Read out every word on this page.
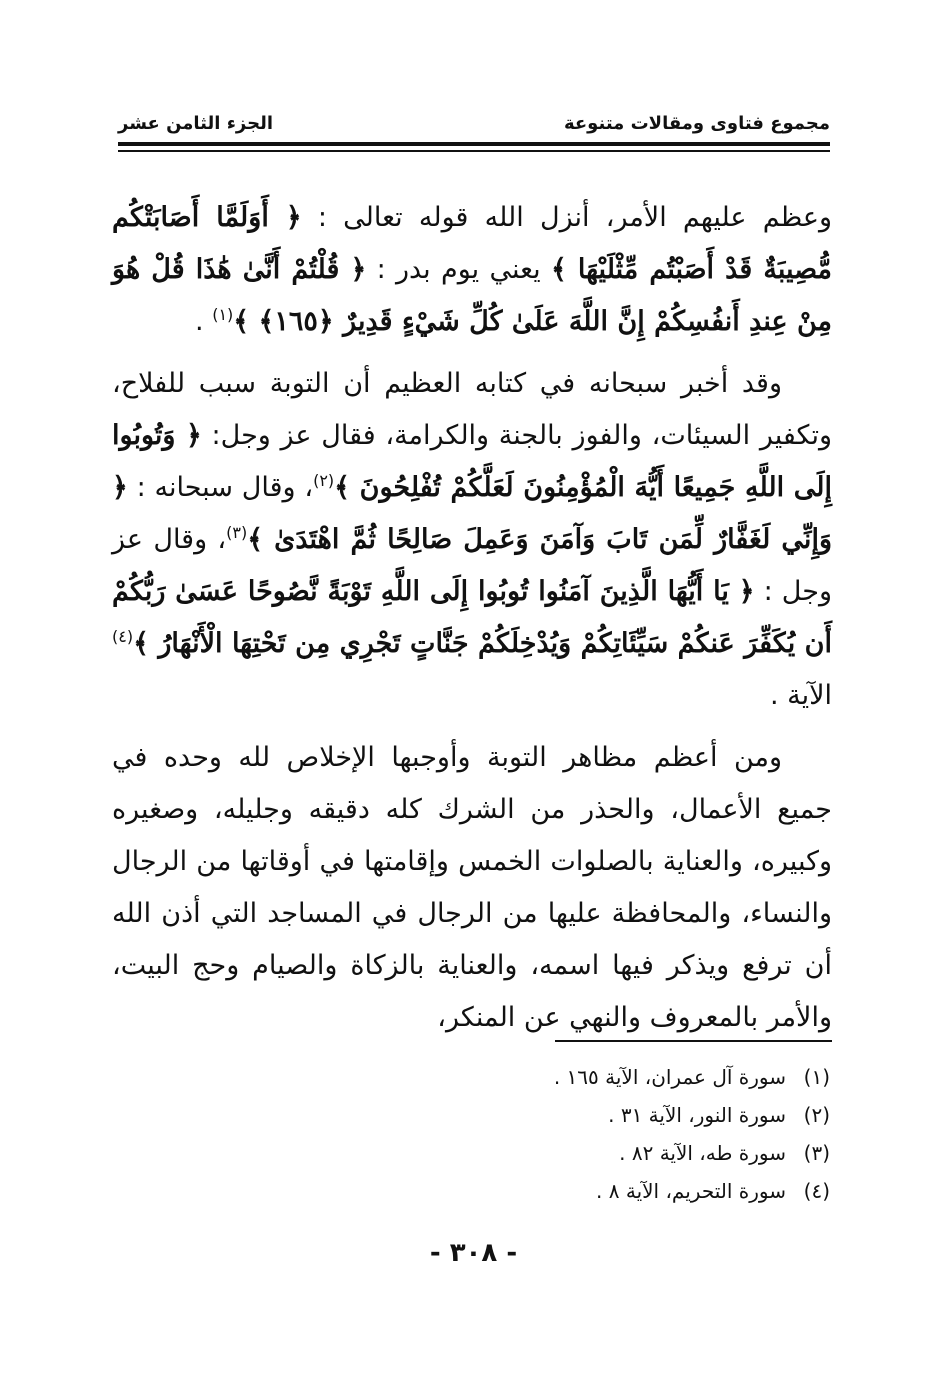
مجموع فتاوى ومقالات متنوعة
الجزء الثامن عشر

وعظم عليهم الأمر، أنزل الله قوله تعالى : ﴿ أَوَلَمَّا أَصَابَتْكُم مُّصِيبَةٌ قَدْ أَصَبْتُم مِّثْلَيْهَا ﴾ يعني يوم بدر : ﴿ قُلْتُمْ أَنَّىٰ هَٰذَا قُلْ هُوَ مِنْ عِندِ أَنفُسِكُمْ إِنَّ اللَّهَ عَلَىٰ كُلِّ شَيْءٍ قَدِيرٌ ﴿١٦٥﴾ ﴾$^{(١)}$ .

وقد أخبر سبحانه في كتابه العظيم أن التوبة سبب للفلاح، وتكفير السيئات، والفوز بالجنة والكرامة، فقال عز وجل: ﴿ وَتُوبُوا إِلَى اللَّهِ جَمِيعًا أَيُّهَ الْمُؤْمِنُونَ لَعَلَّكُمْ تُفْلِحُونَ ﴾$^{(٢)}$، وقال سبحانه : ﴿ وَإِنِّي لَغَفَّارٌ لِّمَن تَابَ وَآمَنَ وَعَمِلَ صَالِحًا ثُمَّ اهْتَدَىٰ ﴾$^{(٣)}$، وقال عز وجل : ﴿ يَا أَيُّهَا الَّذِينَ آمَنُوا تُوبُوا إِلَى اللَّهِ تَوْبَةً نَّصُوحًا عَسَىٰ رَبُّكُمْ أَن يُكَفِّرَ عَنكُمْ سَيِّئَاتِكُمْ وَيُدْخِلَكُمْ جَنَّاتٍ تَجْرِي مِن تَحْتِهَا الْأَنْهَارُ ﴾$^{(٤)}$ الآية .

ومن أعظم مظاهر التوبة وأوجبها الإخلاص لله وحده في جميع الأعمال، والحذر من الشرك كله دقيقه وجليله، وصغيره وكبيره، والعناية بالصلوات الخمس وإقامتها في أوقاتها من الرجال والنساء، والمحافظة عليها من الرجال في المساجد التي أذن الله أن ترفع ويذكر فيها اسمه، والعناية بالزكاة والصيام وحج البيت، والأمر بالمعروف والنهي عن المنكر،

(١)سورة آل عمران، الآية ١٦٥ .
(٢)سورة النور، الآية ٣١ .
(٣)سورة طه، الآية ٨٢ .
(٤)سورة التحريم، الآية ٨ .
- ٣٠٨ -
